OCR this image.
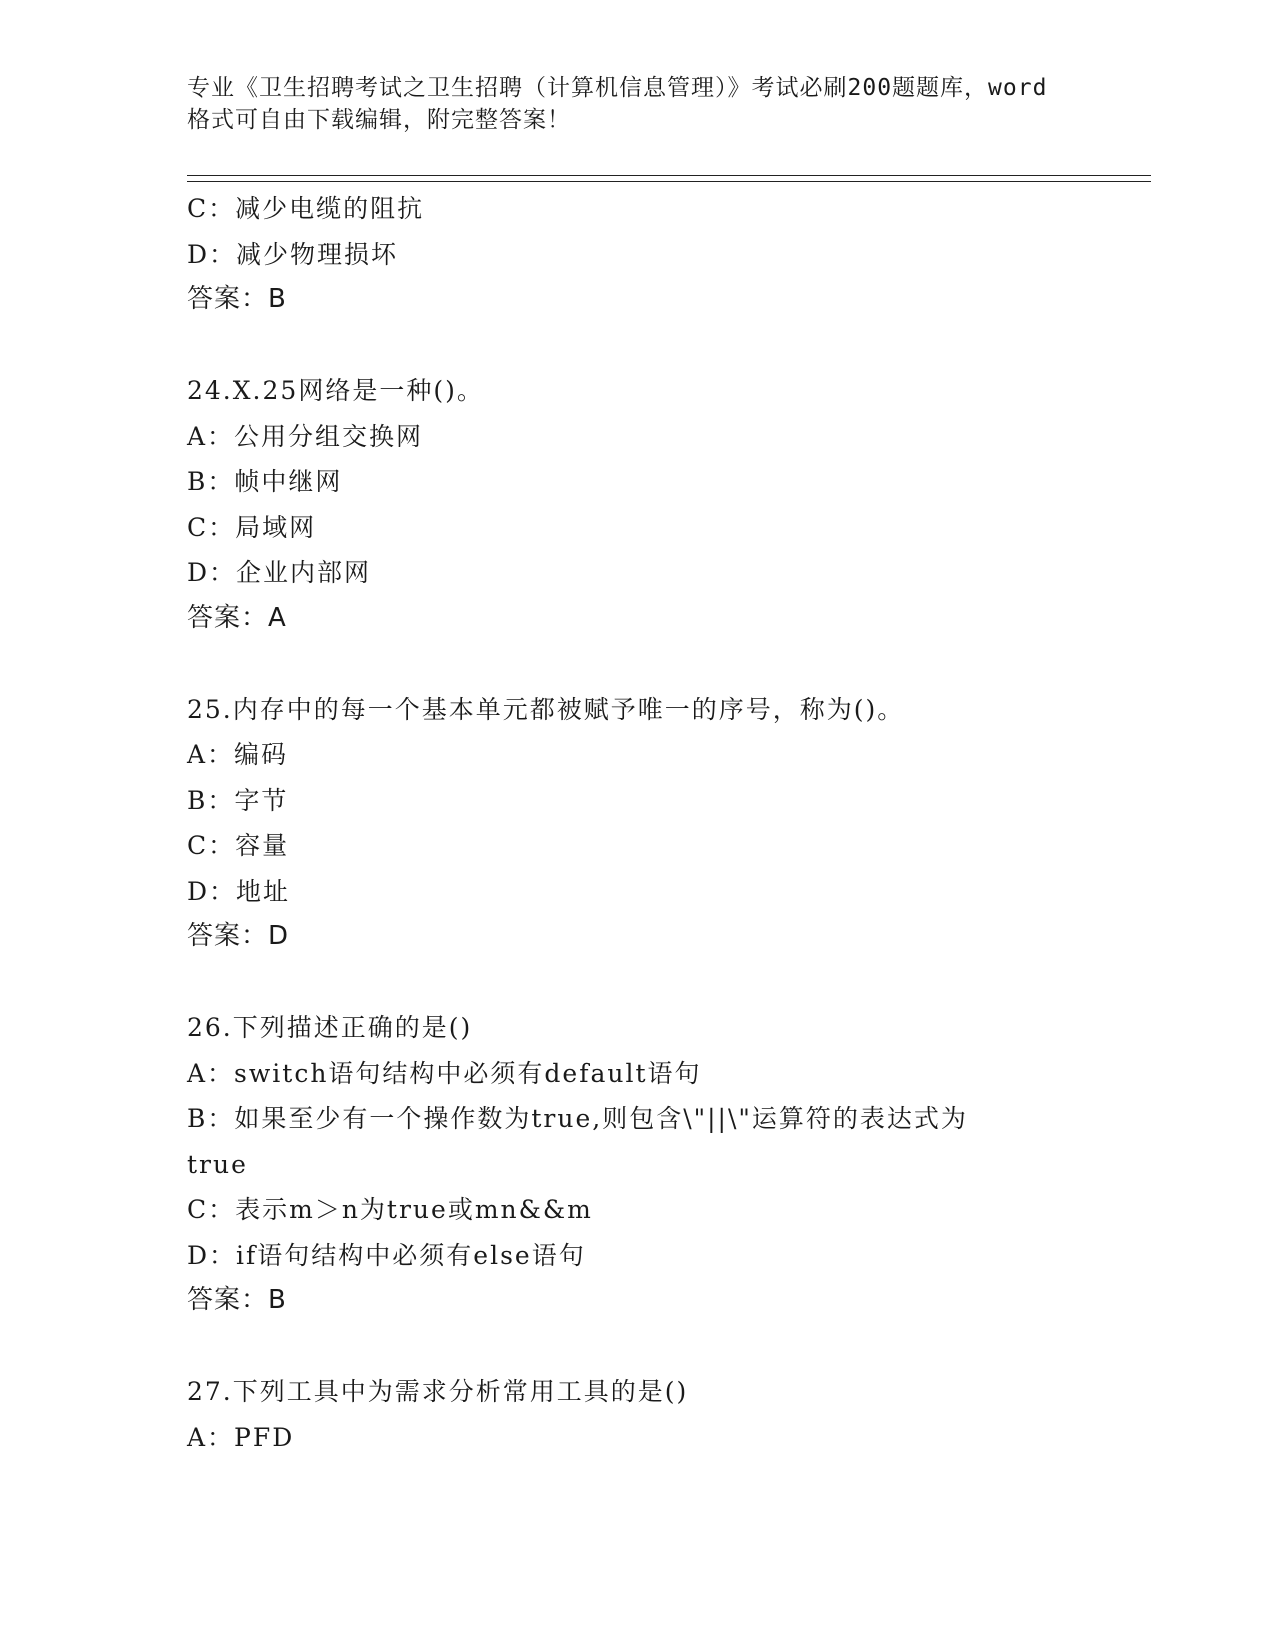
专业《卫生招聘考试之卫生招聘（计算机信息管理）》考试必刷200题题库，word
格式可自由下载编辑，附完整答案！
C：减少电缆的阻抗
D：减少物理损坏
答案：B
24.X.25网络是一种()。
A：公用分组交换网
B：帧中继网
C：局域网
D：企业内部网
答案：A
25.内存中的每一个基本单元都被赋予唯一的序号，称为()。
A：编码
B：字节
C：容量
D：地址
答案：D
26.下列描述正确的是()
A：switch语句结构中必须有default语句
B：如果至少有一个操作数为true,则包含\"||\"运算符的表达式为
true
C：表示m＞n为true或mn&&m
D：if语句结构中必须有else语句
答案：B
27.下列工具中为需求分析常用工具的是()
A：PFD
